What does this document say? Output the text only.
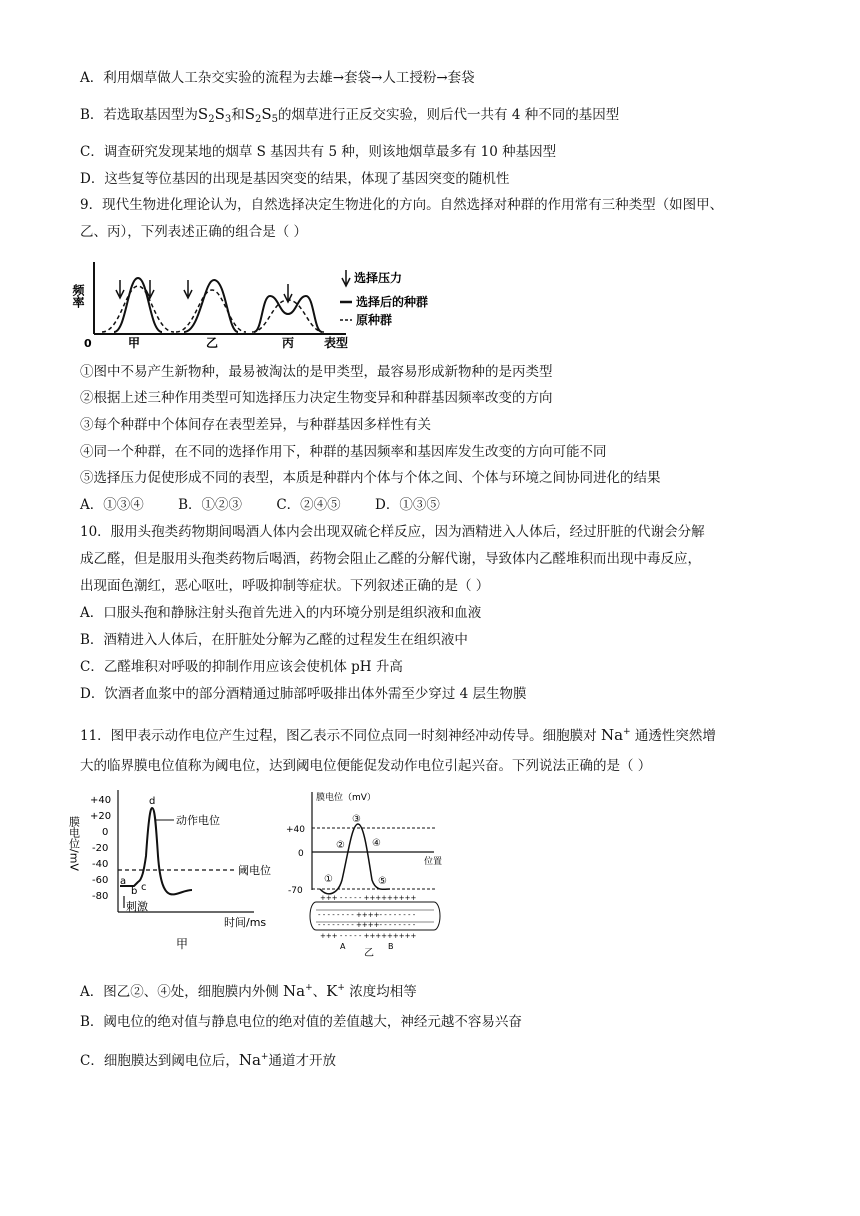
A．利用烟草做人工杂交实验的流程为去雄→套袋→人工授粉→套袋
B．若选取基因型为$S_2S_3$和$S_2S_5$的烟草进行正反交实验，则后代一共有 4 种不同的基因型
C．调查研究发现某地的烟草 S 基因共有 5 种，则该地烟草最多有 10 种基因型
D．这些复等位基因的出现是基因突变的结果，体现了基因突变的随机性
9．现代生物进化理论认为，自然选择决定生物进化的方向。自然选择对种群的作用常有三种类型（如图甲、
乙、丙），下列表述正确的组合是（ ）
频率
0	表型
甲	乙	丙
选择压力
选择后的种群
原种群
①图中不易产生新物种，最易被淘汰的是甲类型，最容易形成新物种的是丙类型
②根据上述三种作用类型可知选择压力决定生物变异和种群基因频率改变的方向
③每个种群中个体间存在表型差异，与种群基因多样性有关
④同一个种群，在不同的选择作用下，种群的基因频率和基因库发生改变的方向可能不同
⑤选择压力促使形成不同的表型，本质是种群内个体与个体之间、个体与环境之间协同进化的结果
A．①③④        B．①②③        C．②④⑤        D．①③⑤
10．服用头孢类药物期间喝酒人体内会出现双硫仑样反应，因为酒精进入人体后，经过肝脏的代谢会分解
成乙醛，但是服用头孢类药物后喝酒，药物会阻止乙醛的分解代谢，导致体内乙醛堆积而出现中毒反应，
出现面色潮红，恶心呕吐，呼吸抑制等症状。下列叙述正确的是（ ）
A．口服头孢和静脉注射头孢首先进入的内环境分别是组织液和血液
B．酒精进入人体后，在肝脏处分解为乙醛的过程发生在组织液中
C．乙醛堆积对呼吸的抑制作用应该会使机体 pH 升高
D．饮酒者血浆中的部分酒精通过肺部呼吸排出体外需至少穿过 4 层生物膜
11．图甲表示动作电位产生过程，图乙表示不同位点同一时刻神经冲动传导。细胞膜对 Na+ 通透性突然增
大的临界膜电位值称为阈电位，达到阈电位便能促发动作电位引起兴奋。下列说法正确的是（ ）
膜电位/mV
+40
+20
0
-20
-40
-60
-80
a
b c
d
动作电位
阈电位
刺激
时间/ms
甲
膜电位（mV）
+40
0
-70
位置
①
②
③
④
⑤
+++ - - - - - +++++++++
- - - - - - - - ++++- - - - - - - -
- - - - - - - - ++++- - - - - - - -
+++ - - - - - +++++++++
A	B
乙
A．图乙②、④处，细胞膜内外侧 Na+、K+ 浓度均相等
B．阈电位的绝对值与静息电位的绝对值的差值越大，神经元越不容易兴奋
C．细胞膜达到阈电位后，Na+通道才开放
